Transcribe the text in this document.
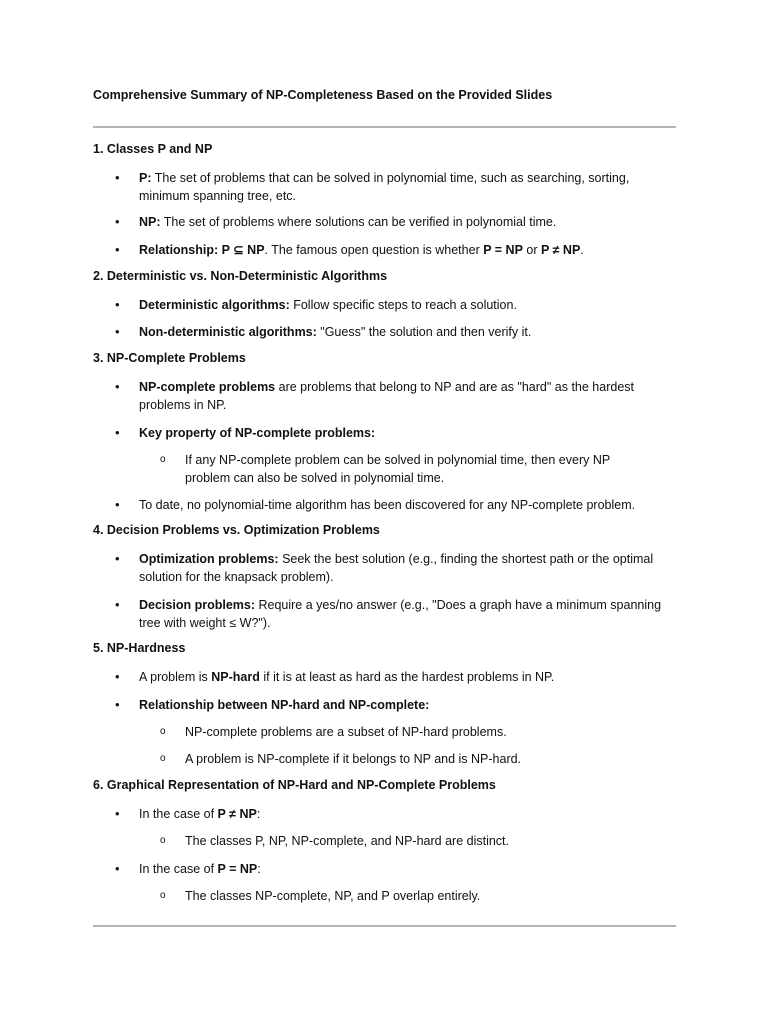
Comprehensive Summary of NP-Completeness Based on the Provided Slides
1. Classes P and NP
• P: The set of problems that can be solved in polynomial time, such as searching, sorting, minimum spanning tree, etc.
• NP: The set of problems where solutions can be verified in polynomial time.
• Relationship: P ⊆ NP. The famous open question is whether P = NP or P ≠ NP.
2. Deterministic vs. Non-Deterministic Algorithms
• Deterministic algorithms: Follow specific steps to reach a solution.
• Non-deterministic algorithms: "Guess" the solution and then verify it.
3. NP-Complete Problems
• NP-complete problems are problems that belong to NP and are as "hard" as the hardest problems in NP.
• Key property of NP-complete problems:
o If any NP-complete problem can be solved in polynomial time, then every NP problem can also be solved in polynomial time.
• To date, no polynomial-time algorithm has been discovered for any NP-complete problem.
4. Decision Problems vs. Optimization Problems
• Optimization problems: Seek the best solution (e.g., finding the shortest path or the optimal solution for the knapsack problem).
• Decision problems: Require a yes/no answer (e.g., "Does a graph have a minimum spanning tree with weight ≤ W?").
5. NP-Hardness
• A problem is NP-hard if it is at least as hard as the hardest problems in NP.
• Relationship between NP-hard and NP-complete:
o NP-complete problems are a subset of NP-hard problems.
o A problem is NP-complete if it belongs to NP and is NP-hard.
6. Graphical Representation of NP-Hard and NP-Complete Problems
• In the case of P ≠ NP:
o The classes P, NP, NP-complete, and NP-hard are distinct.
• In the case of P = NP:
o The classes NP-complete, NP, and P overlap entirely.
